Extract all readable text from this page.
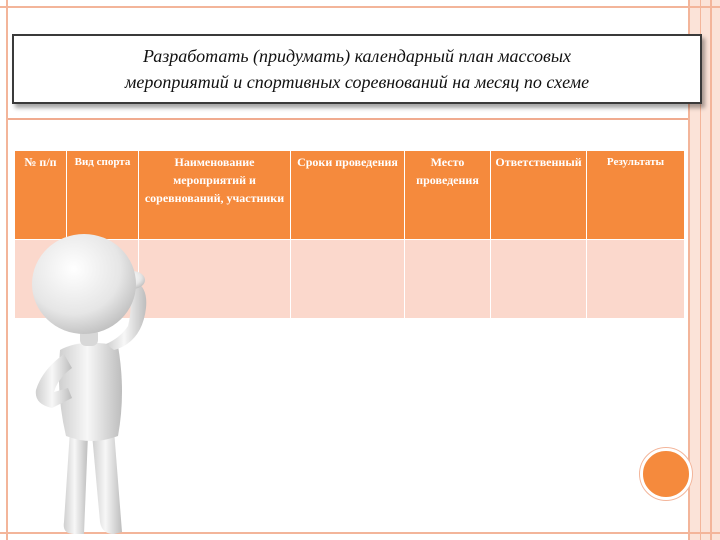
Разработать (придумать) календарный план массовых
мероприятий и спортивных соревнований на месяц по схеме
№ п/п	Вид спорта	Наименование мероприятий и соревнований, участники	Сроки проведения	Место проведения	Ответственный	Результаты
